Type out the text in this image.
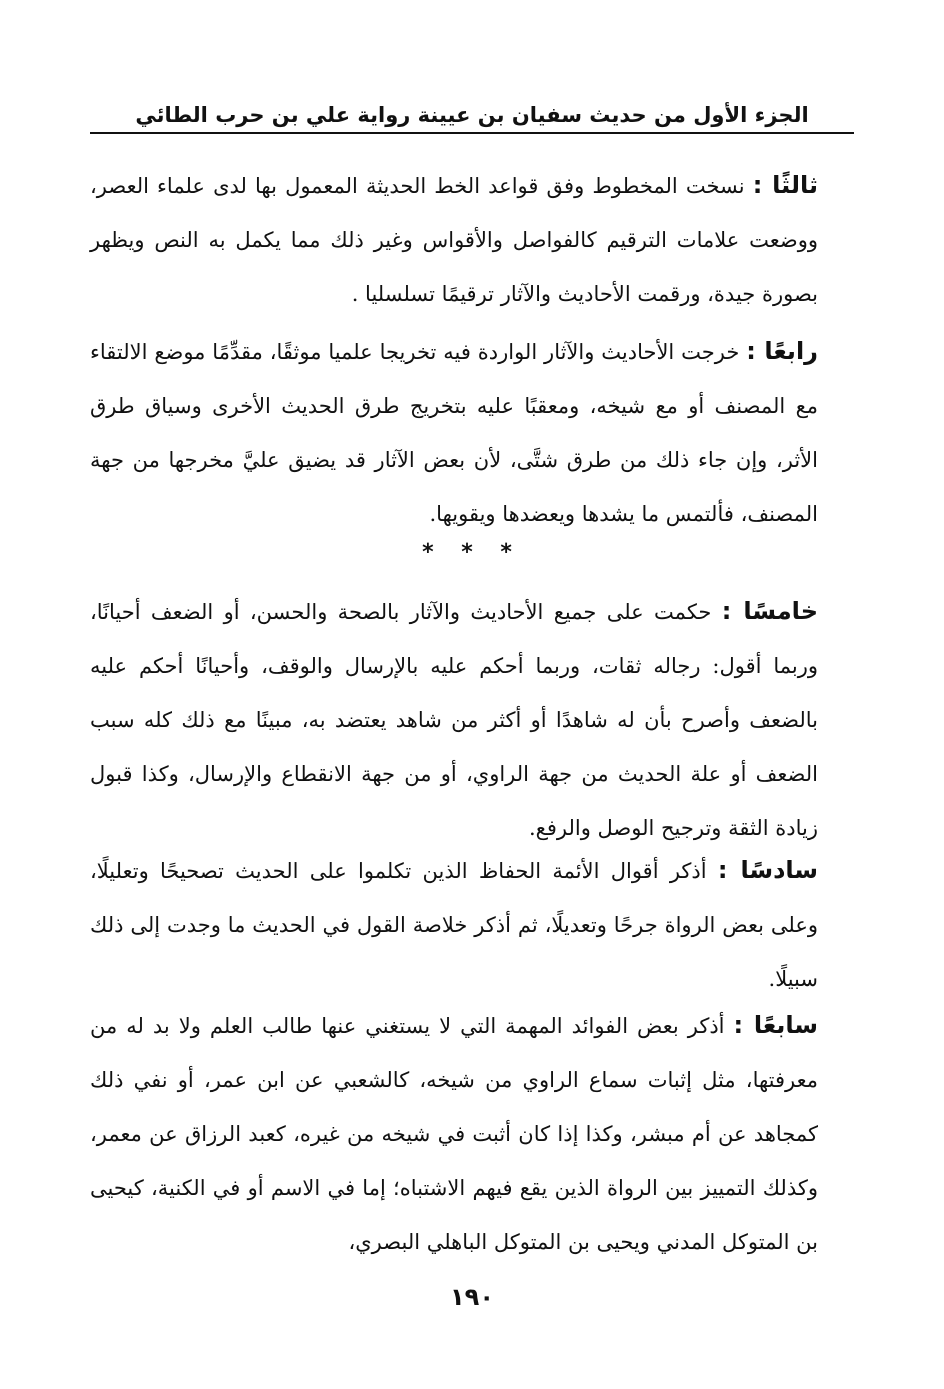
الجزء الأول من حديث سفيان بن عيينة رواية علي بن حرب الطائي

ثالثًا : نسخت المخطوط وفق قواعد الخط الحديثة المعمول بها لدى علماء العصر، ووضعت علامات الترقيم كالفواصل والأقواس وغير ذلك مما يكمل به النص ويظهر بصورة جيدة، ورقمت الأحاديث والآثار ترقيمًا تسلسليا .

رابعًا : خرجت الأحاديث والآثار الواردة فيه تخريجا علميا موثقًا، مقدِّمًا موضع الالتقاء مع المصنف أو مع شيخه، ومعقبًا عليه بتخريج طرق الحديث الأخرى وسياق طرق الأثر، وإن جاء ذلك من طرق شتَّى، لأن بعض الآثار قد يضيق عليَّ مخرجها من جهة المصنف، فألتمس ما يشدها ويعضدها ويقويها.

* * *

خامسًا : حكمت على جميع الأحاديث والآثار بالصحة والحسن، أو الضعف أحيانًا، وربما أقول: رجاله ثقات، وربما أحكم عليه بالإرسال والوقف، وأحيانًا أحكم عليه بالضعف وأصرح بأن له شاهدًا أو أكثر من شاهد يعتضد به، مبينًا مع ذلك كله سبب الضعف أو علة الحديث من جهة الراوي، أو من جهة الانقطاع والإرسال، وكذا قبول زيادة الثقة وترجيح الوصل والرفع.

سادسًا : أذكر أقوال الأئمة الحفاظ الذين تكلموا على الحديث تصحيحًا وتعليلًا، وعلى بعض الرواة جرحًا وتعديلًا، ثم أذكر خلاصة القول في الحديث ما وجدت إلى ذلك سبيلًا.

سابعًا : أذكر بعض الفوائد المهمة التي لا يستغني عنها طالب العلم ولا بد له من معرفتها، مثل إثبات سماع الراوي من شيخه، كالشعبي عن ابن عمر، أو نفي ذلك كمجاهد عن أم مبشر، وكذا إذا كان أثبت في شيخه من غيره، كعبد الرزاق عن معمر، وكذلك التمييز بين الرواة الذين يقع فيهم الاشتباه؛ إما في الاسم أو في الكنية، كيحيى بن المتوكل المدني ويحيى بن المتوكل الباهلي البصري،

١٩٠
